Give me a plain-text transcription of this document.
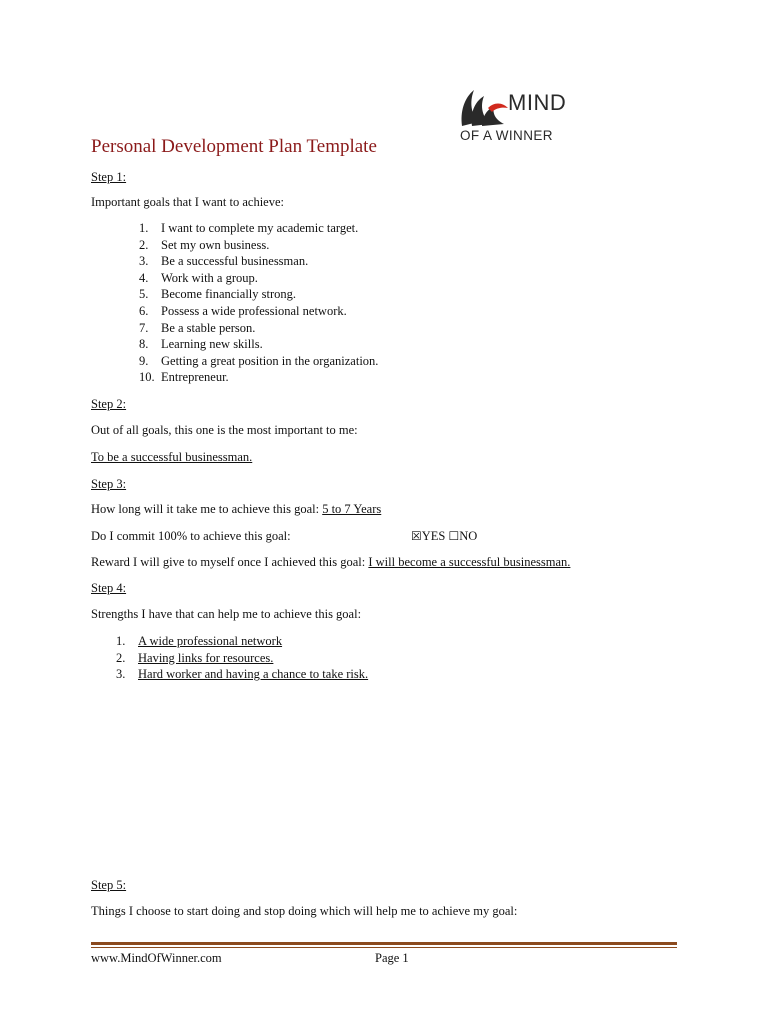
MIND
OF A WINNER
Personal Development Plan Template
Step 1:
Important goals that I want to achieve:
1. I want to complete my academic target.
2. Set my own business.
3. Be a successful businessman.
4. Work with a group.
5. Become financially strong.
6. Possess a wide professional network.
7. Be a stable person.
8. Learning new skills.
9. Getting a great position in the organization.
10. Entrepreneur.
Step 2:
Out of all goals, this one is the most important to me:
To be a successful businessman.
Step 3:
How long will it take me to achieve this goal: 5 to 7 Years
Do I commit 100% to achieve this goal:	☒YES ☐NO
Reward I will give to myself once I achieved this goal: I will become a successful businessman.
Step 4:
Strengths I have that can help me to achieve this goal:
1. A wide professional network
2. Having links for resources.
3. Hard worker and having a chance to take risk.
Step 5:
Things I choose to start doing and stop doing which will help me to achieve my goal:
www.MindOfWinner.com	Page 1
